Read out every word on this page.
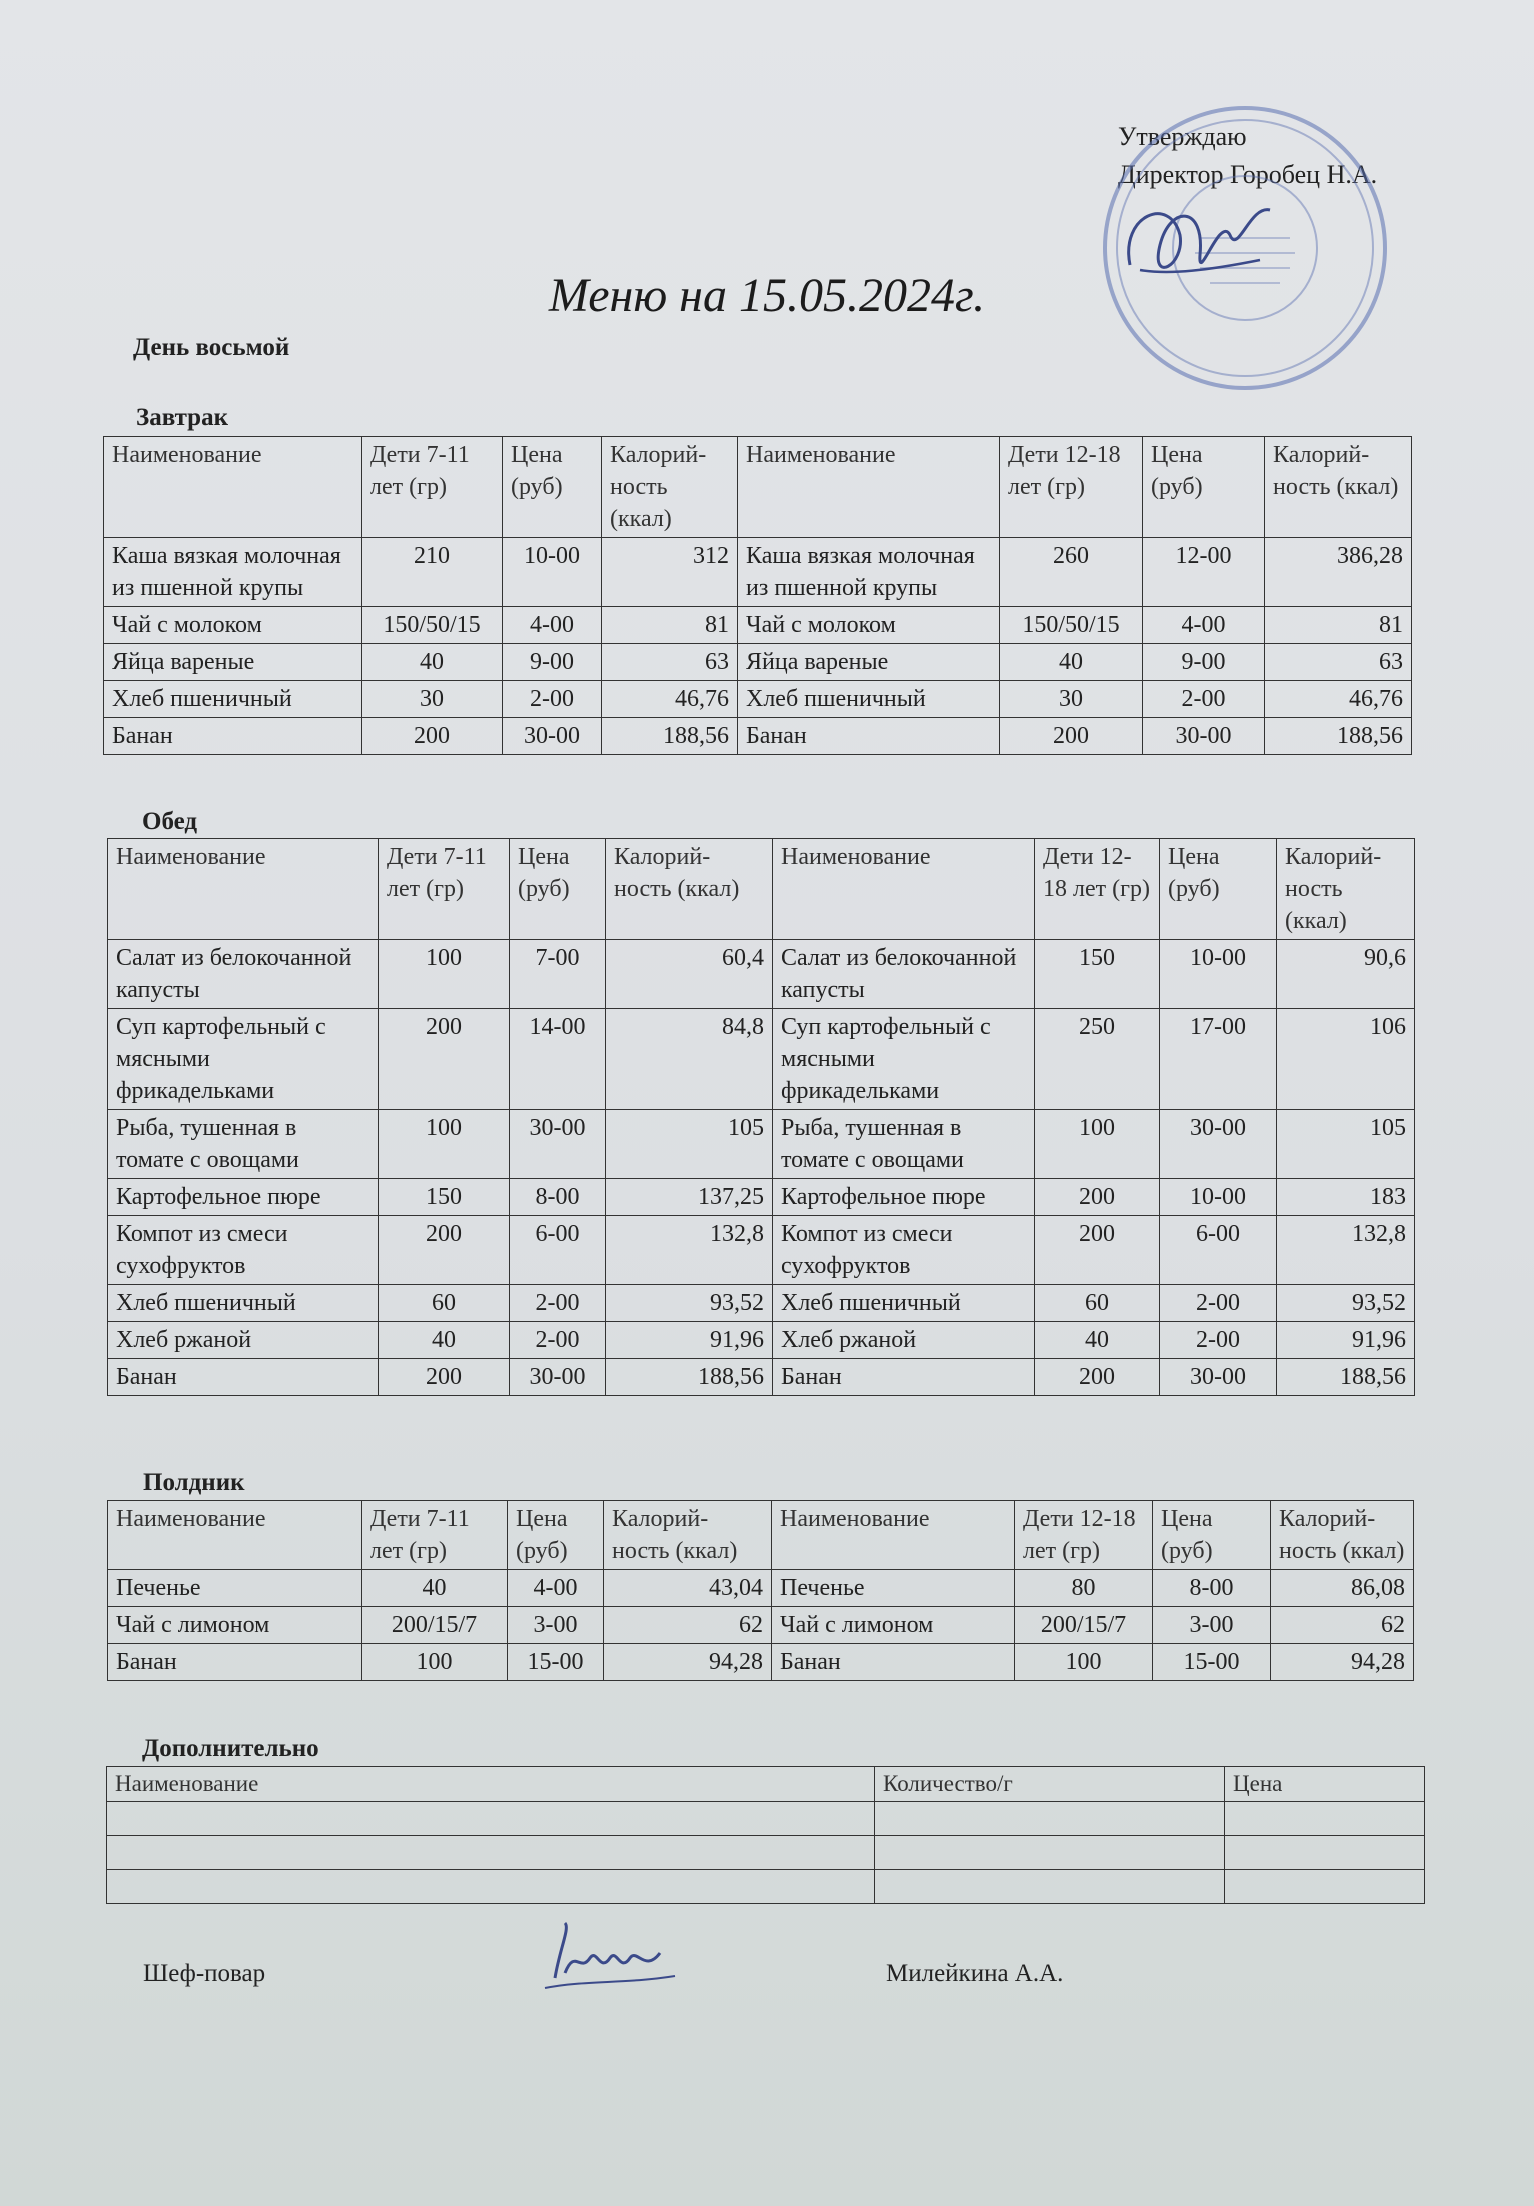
Утверждаю
Директор Горобец Н.А.
Меню на 15.05.2024г.
День восьмой
Завтрак
Наименование	Дети 7-11 лет (гр)	Цена (руб)	Калорий-ность (ккал)	Наименование	Дети 12-18 лет (гр)	Цена (руб)	Калорий-ность (ккал)
Каша вязкая молочная из пшенной крупы	210	10-00	312	Каша вязкая молочная из пшенной крупы	260	12-00	386,28
Чай с молоком	150/50/15	4-00	81	Чай с молоком	150/50/15	4-00	81
Яйца вареные	40	9-00	63	Яйца вареные	40	9-00	63
Хлеб пшеничный	30	2-00	46,76	Хлеб пшеничный	30	2-00	46,76
Банан	200	30-00	188,56	Банан	200	30-00	188,56
Обед
Наименование	Дети 7-11 лет (гр)	Цена (руб)	Калорий-ность (ккал)	Наименование	Дети 12-18 лет (гр)	Цена (руб)	Калорий-ность (ккал)
Салат из белокочанной капусты	100	7-00	60,4	Салат из белокочанной капусты	150	10-00	90,6
Суп картофельный с мясными фрикадельками	200	14-00	84,8	Суп картофельный с мясными фрикадельками	250	17-00	106
Рыба, тушенная в томате с овощами	100	30-00	105	Рыба, тушенная в томате с овощами	100	30-00	105
Картофельное пюре	150	8-00	137,25	Картофельное пюре	200	10-00	183
Компот из смеси сухофруктов	200	6-00	132,8	Компот из смеси сухофруктов	200	6-00	132,8
Хлеб пшеничный	60	2-00	93,52	Хлеб пшеничный	60	2-00	93,52
Хлеб ржаной	40	2-00	91,96	Хлеб ржаной	40	2-00	91,96
Банан	200	30-00	188,56	Банан	200	30-00	188,56
Полдник
Наименование	Дети 7-11 лет (гр)	Цена (руб)	Калорий-ность (ккал)	Наименование	Дети 12-18 лет (гр)	Цена (руб)	Калорий-ность (ккал)
Печенье	40	4-00	43,04	Печенье	80	8-00	86,08
Чай с лимоном	200/15/7	3-00	62	Чай с лимоном	200/15/7	3-00	62
Банан	100	15-00	94,28	Банан	100	15-00	94,28
Дополнительно
Наименование	Количество/г	Цена

Шеф-повар	Милейкина А.А.
